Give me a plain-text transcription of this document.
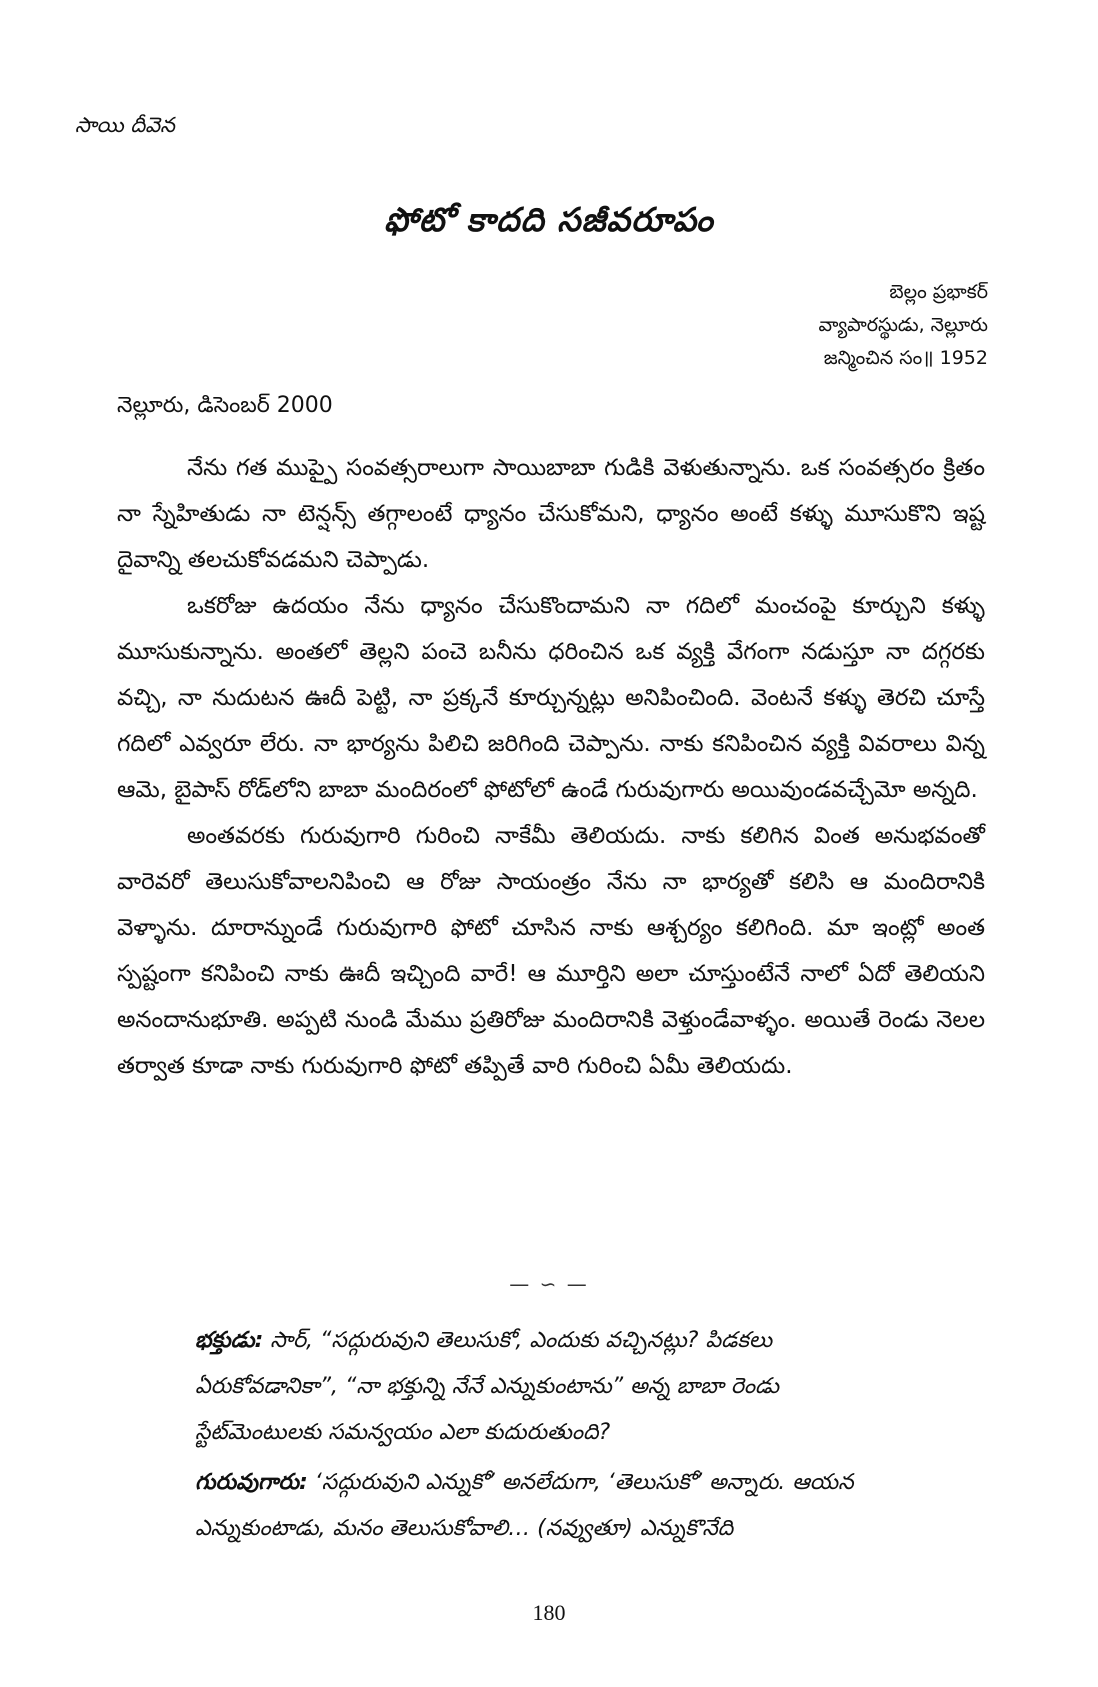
సాయి దీవెన
ఫోటో కాదది సజీవరూపం
బెల్లం ప్రభాకర్
వ్యాపారస్థుడు, నెల్లూరు
జన్మించిన సం॥ 1952
నెల్లూరు, డిసెంబర్ 2000

నేను గత ముప్పై సంవత్సరాలుగా సాయిబాబా గుడికి వెళుతున్నాను. ఒక సంవత్సరం క్రితం నా స్నేహితుడు నా టెన్షన్స్ తగ్గాలంటే ధ్యానం చేసుకోమని, ధ్యానం అంటే కళ్ళు మూసుకొని ఇష్ట దైవాన్ని తలచుకోవడమని చెప్పాడు.

ఒకరోజు ఉదయం నేను ధ్యానం చేసుకొందామని నా గదిలో మంచంపై కూర్చుని కళ్ళు మూసుకున్నాను. అంతలో తెల్లని పంచె బనీను ధరించిన ఒక వ్యక్తి వేగంగా నడుస్తూ నా దగ్గరకు వచ్చి, నా నుదుటన ఊదీ పెట్టి, నా ప్రక్కనే కూర్చున్నట్లు అనిపించింది. వెంటనే కళ్ళు తెరచి చూస్తే గదిలో ఎవ్వరూ లేరు. నా భార్యను పిలిచి జరిగింది చెప్పాను. నాకు కనిపించిన వ్యక్తి వివరాలు విన్న ఆమె, బైపాస్ రోడ్‌లోని బాబా మందిరంలో ఫోటోలో ఉండే గురువుగారు అయివుండవచ్చేమో అన్నది.

అంతవరకు గురువుగారి గురించి నాకేమీ తెలియదు. నాకు కలిగిన వింత అనుభవంతో వారెవరో తెలుసుకోవాలనిపించి ఆ రోజు సాయంత్రం నేను నా భార్యతో కలిసి ఆ మందిరానికి వెళ్ళాను. దూరాన్నుండే గురువుగారి ఫోటో చూసిన నాకు ఆశ్చర్యం కలిగింది. మా ఇంట్లో అంత స్పష్టంగా కనిపించి నాకు ఊదీ ఇచ్చింది వారే! ఆ మూర్తిని అలా చూస్తుంటేనే నాలో ఏదో తెలియని అనందానుభూతి. అప్పటి నుండి మేము ప్రతిరోజు మందిరానికి వెళ్తుండేవాళ్ళం. అయితే రెండు నెలల తర్వాత కూడా నాకు గురువుగారి ఫోటో తప్పితే వారి గురించి ఏమీ తెలియదు.

— ∽ —

భక్తుడు: సార్, “సద్గురువుని తెలుసుకో, ఎందుకు వచ్చినట్లు? పిడకలు ఏరుకోవడానికా”, “నా భక్తున్ని నేనే ఎన్నుకుంటాను” అన్న బాబా రెండు స్టేట్‌మెంటులకు సమన్వయం ఎలా కుదురుతుంది?

గురువుగారు: ‘సద్గురువుని ఎన్నుకో’ అనలేదుగా, ‘తెలుసుకో’ అన్నారు. ఆయన ఎన్నుకుంటాడు, మనం తెలుసుకోవాలి… (నవ్వుతూ) ఎన్నుకొనేది

180
